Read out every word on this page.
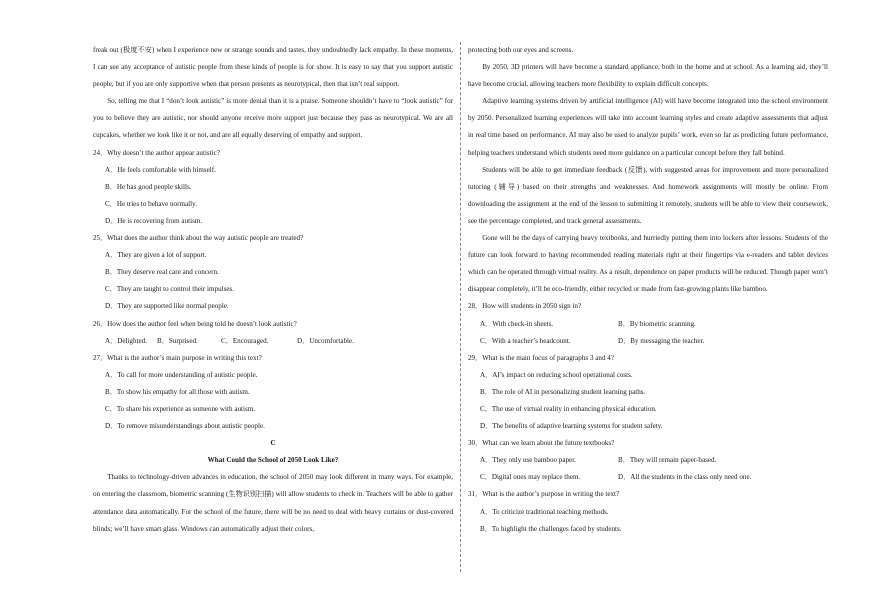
freak out (极度不安) when I experience new or strange sounds and tastes, they undoubtedly lack empathy. In these moments, I can see any acceptance of autistic people from these kinds of people is for show. It is easy to say that you support autistic people, but if you are only supportive when that person presents as neurotypical, then that isn’t real support.

So, telling me that I “don’t look autistic” is more denial than it is a praise. Someone shouldn’t have to “look autistic” for you to believe they are autistic, nor should anyone receive more support just because they pass as neurotypical. We are all cupcakes, whether we look like it or not, and are all equally deserving of empathy and support.

24．Why doesn’t the author appear autistic?

A．He feels comfortable with himself.

B．He has good people skills.

C．He tries to behave normally.

D．He is recovering from autism.

25．What does the author think about the way autistic people are treated?

A．They are given a lot of support.

B．They deserve real care and concern.

C．They are taught to control their impulses.

D．They are supported like normal people.

26．How does the author feel when being told he doesn’t look autistic?

A．Delighted.	B．Surprised.	C．Encouraged.	D．Uncomfortable.

27．What is the author’s main purpose in writing this text?

A．To call for more understanding of autistic people.

B．To show his empathy for all those with autism.

C．To share his experience as someone with autism.

D．To remove misunderstandings about autistic people.

C

What Could the School of 2050 Look Like?

Thanks to technology-driven advances in education, the school of 2050 may look different in many ways. For example, on entering the classroom, biometric scanning (生物识别扫描) will allow students to check in. Teachers will be able to gather attendance data automatically. For the school of the future, there will be no need to deal with heavy curtains or dust-covered blinds; we’ll have smart glass. Windows can automatically adjust their colors,

protecting both our eyes and screens.

By 2050, 3D printers will have become a standard appliance, both in the home and at school. As a learning aid, they’ll have become crucial, allowing teachers more flexibility to explain difficult concepts.

Adaptive learning systems driven by artificial intelligence (AI) will have become integrated into the school environment by 2050. Personalized learning experiences will take into account learning styles and create adaptive assessments that adjust in real time based on performance. AI may also be used to analyze pupils’ work, even so far as predicting future performance, helping teachers understand which students need more guidance on a particular concept before they fall behind.

Students will be able to get immediate feedback (反馈), with suggested areas for improvement and more personalized tutoring (辅导) based on their strengths and weaknesses. And homework assignments will mostly be online. From downloading the assignment at the end of the lesson to submitting it remotely, students will be able to view their coursework, see the percentage completed, and track general assessments.

Gone will be the days of carrying heavy textbooks, and hurriedly putting them into lockers after lessons. Students of the future can look forward to having recommended reading materials right at their fingertips via e-readers and tablet devices which can be operated through virtual reality. As a result, dependence on paper products will be reduced. Though paper won’t disappear completely, it’ll be eco-friendly, either recycled or made from fast-growing plants like bamboo.

28．How will students in 2050 sign in?

A．With check-in sheets.	B．By biometric scanning.
C．With a teacher’s headcount.	D．By messaging the teacher.

29．What is the main focus of paragraphs 3 and 4?

A．AI’s impact on reducing school operational costs.

B．The role of AI in personalizing student learning paths.

C．The use of virtual reality in enhancing physical education.

D．The benefits of adaptive learning systems for student safety.

30．What can we learn about the future textbooks?

A．They only use bamboo paper.	B．They will remain paper-based.
C．Digital ones may replace them.	D．All the students in the class only need one.

31．What is the author’s purpose in writing the text?

A．To criticize traditional teaching methods.

B．To highlight the challenges faced by students.
